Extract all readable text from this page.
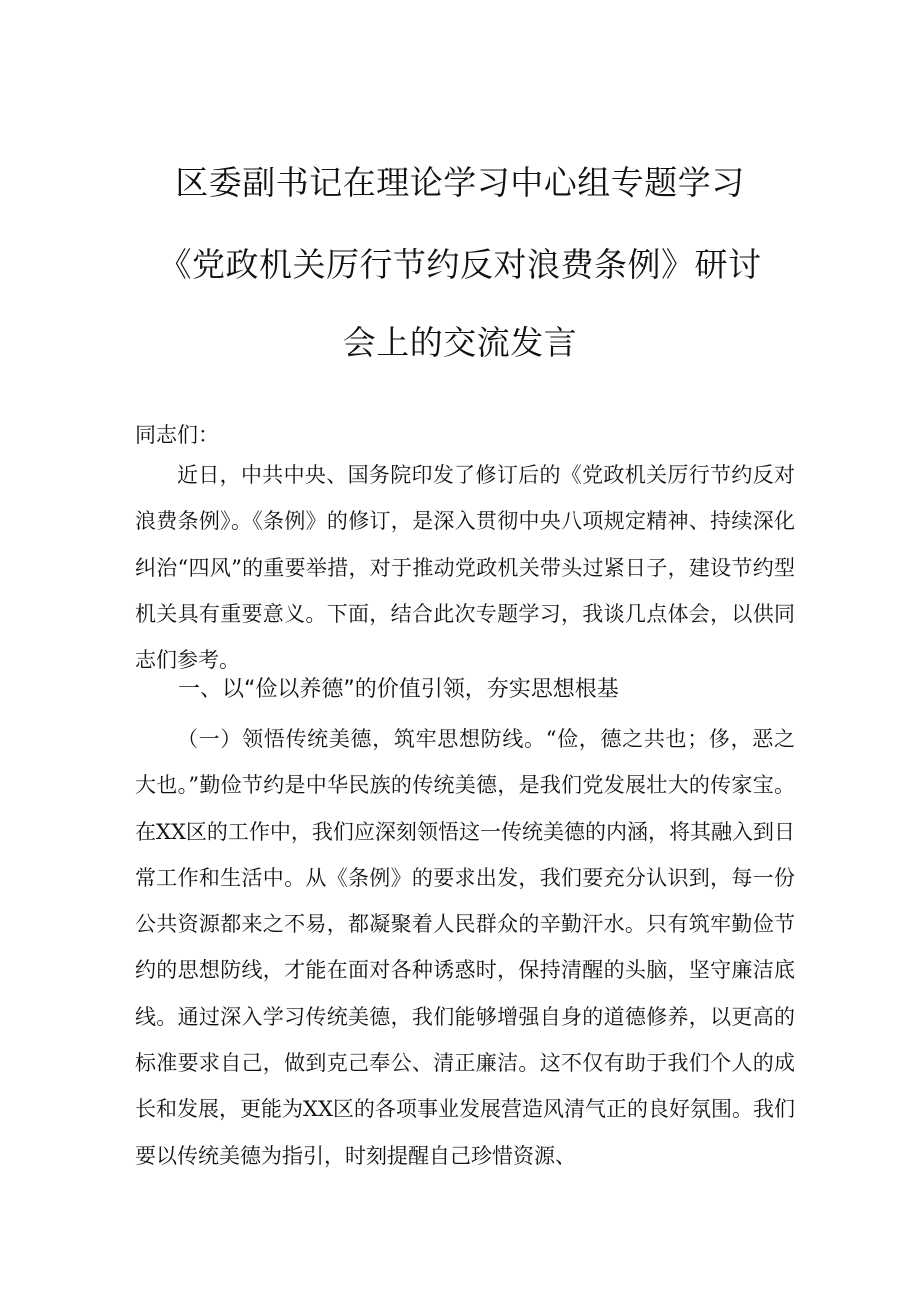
区委副书记在理论学习中心组专题学习
《党政机关厉行节约反对浪费条例》研讨
会上的交流发言
同志们：

近日，中共中央、国务院印发了修订后的《党政机关厉行节约反对浪费条例》。《条例》的修订，是深入贯彻中央八项规定精神、持续深化纠治“四风”的重要举措，对于推动党政机关带头过紧日子，建设节约型机关具有重要意义。下面，结合此次专题学习，我谈几点体会，以供同志们参考。

一、以“俭以养德”的价值引领，夯实思想根基

（一）领悟传统美德，筑牢思想防线。“俭，德之共也；侈，恶之大也。”勤俭节约是中华民族的传统美德，是我们党发展壮大的传家宝。在XX区的工作中，我们应深刻领悟这一传统美德的内涵，将其融入到日常工作和生活中。从《条例》的要求出发，我们要充分认识到，每一份公共资源都来之不易，都凝聚着人民群众的辛勤汗水。只有筑牢勤俭节约的思想防线，才能在面对各种诱惑时，保持清醒的头脑，坚守廉洁底线。通过深入学习传统美德，我们能够增强自身的道德修养，以更高的标准要求自己，做到克己奉公、清正廉洁。这不仅有助于我们个人的成长和发展，更能为XX区的各项事业发展营造风清气正的良好氛围。我们要以传统美德为指引，时刻提醒自己珍惜资源、
